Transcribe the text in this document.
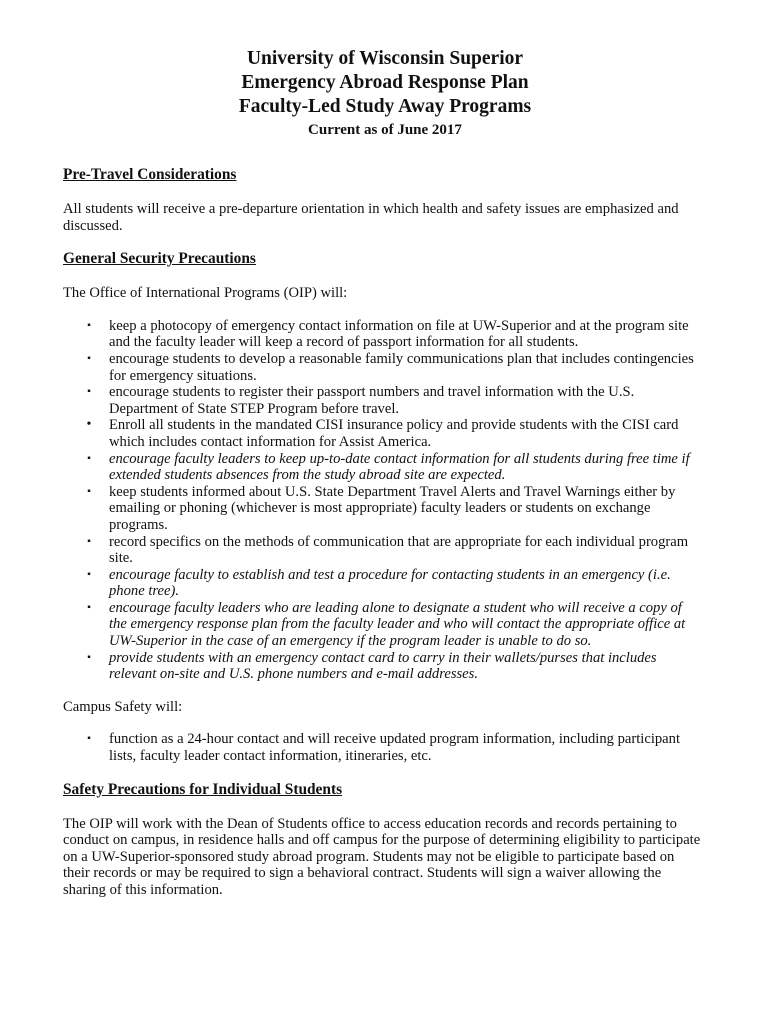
University of Wisconsin Superior
Emergency Abroad Response Plan
Faculty-Led Study Away Programs
Current as of June 2017
Pre-Travel Considerations

All students will receive a pre-departure orientation in which health and safety issues are emphasized and discussed.

General Security Precautions

The Office of International Programs (OIP) will:

▪ keep a photocopy of emergency contact information on file at UW-Superior and at the program site and the faculty leader will keep a record of passport information for all students.
▪ encourage students to develop a reasonable family communications plan that includes contingencies for emergency situations.
▪ encourage students to register their passport numbers and travel information with the U.S. Department of State STEP Program before travel.
• Enroll all students in the mandated CISI insurance policy and provide students with the CISI card which includes contact information for Assist America.
▪ encourage faculty leaders to keep up-to-date contact information for all students during free time if extended students absences from the study abroad site are expected.
▪ keep students informed about U.S. State Department Travel Alerts and Travel Warnings either by emailing or phoning (whichever is most appropriate) faculty leaders or students on exchange programs.
▪ record specifics on the methods of communication that are appropriate for each individual program site.
▪ encourage faculty to establish and test a procedure for contacting students in an emergency (i.e. phone tree).
▪ encourage faculty leaders who are leading alone to designate a student who will receive a copy of the emergency response plan from the faculty leader and who will contact the appropriate office at UW-Superior in the case of an emergency if the program leader is unable to do so.
▪ provide students with an emergency contact card to carry in their wallets/purses that includes relevant on-site and U.S. phone numbers and e-mail addresses.

Campus Safety will:

▪ function as a 24-hour contact and will receive updated program information, including participant lists, faculty leader contact information, itineraries, etc.
Safety Precautions for Individual Students

The OIP will work with the Dean of Students office to access education records and records pertaining to conduct on campus, in residence halls and off campus for the purpose of determining eligibility to participate on a UW-Superior-sponsored study abroad program. Students may not be eligible to participate based on their records or may be required to sign a behavioral contract. Students will sign a waiver allowing the sharing of this information.
